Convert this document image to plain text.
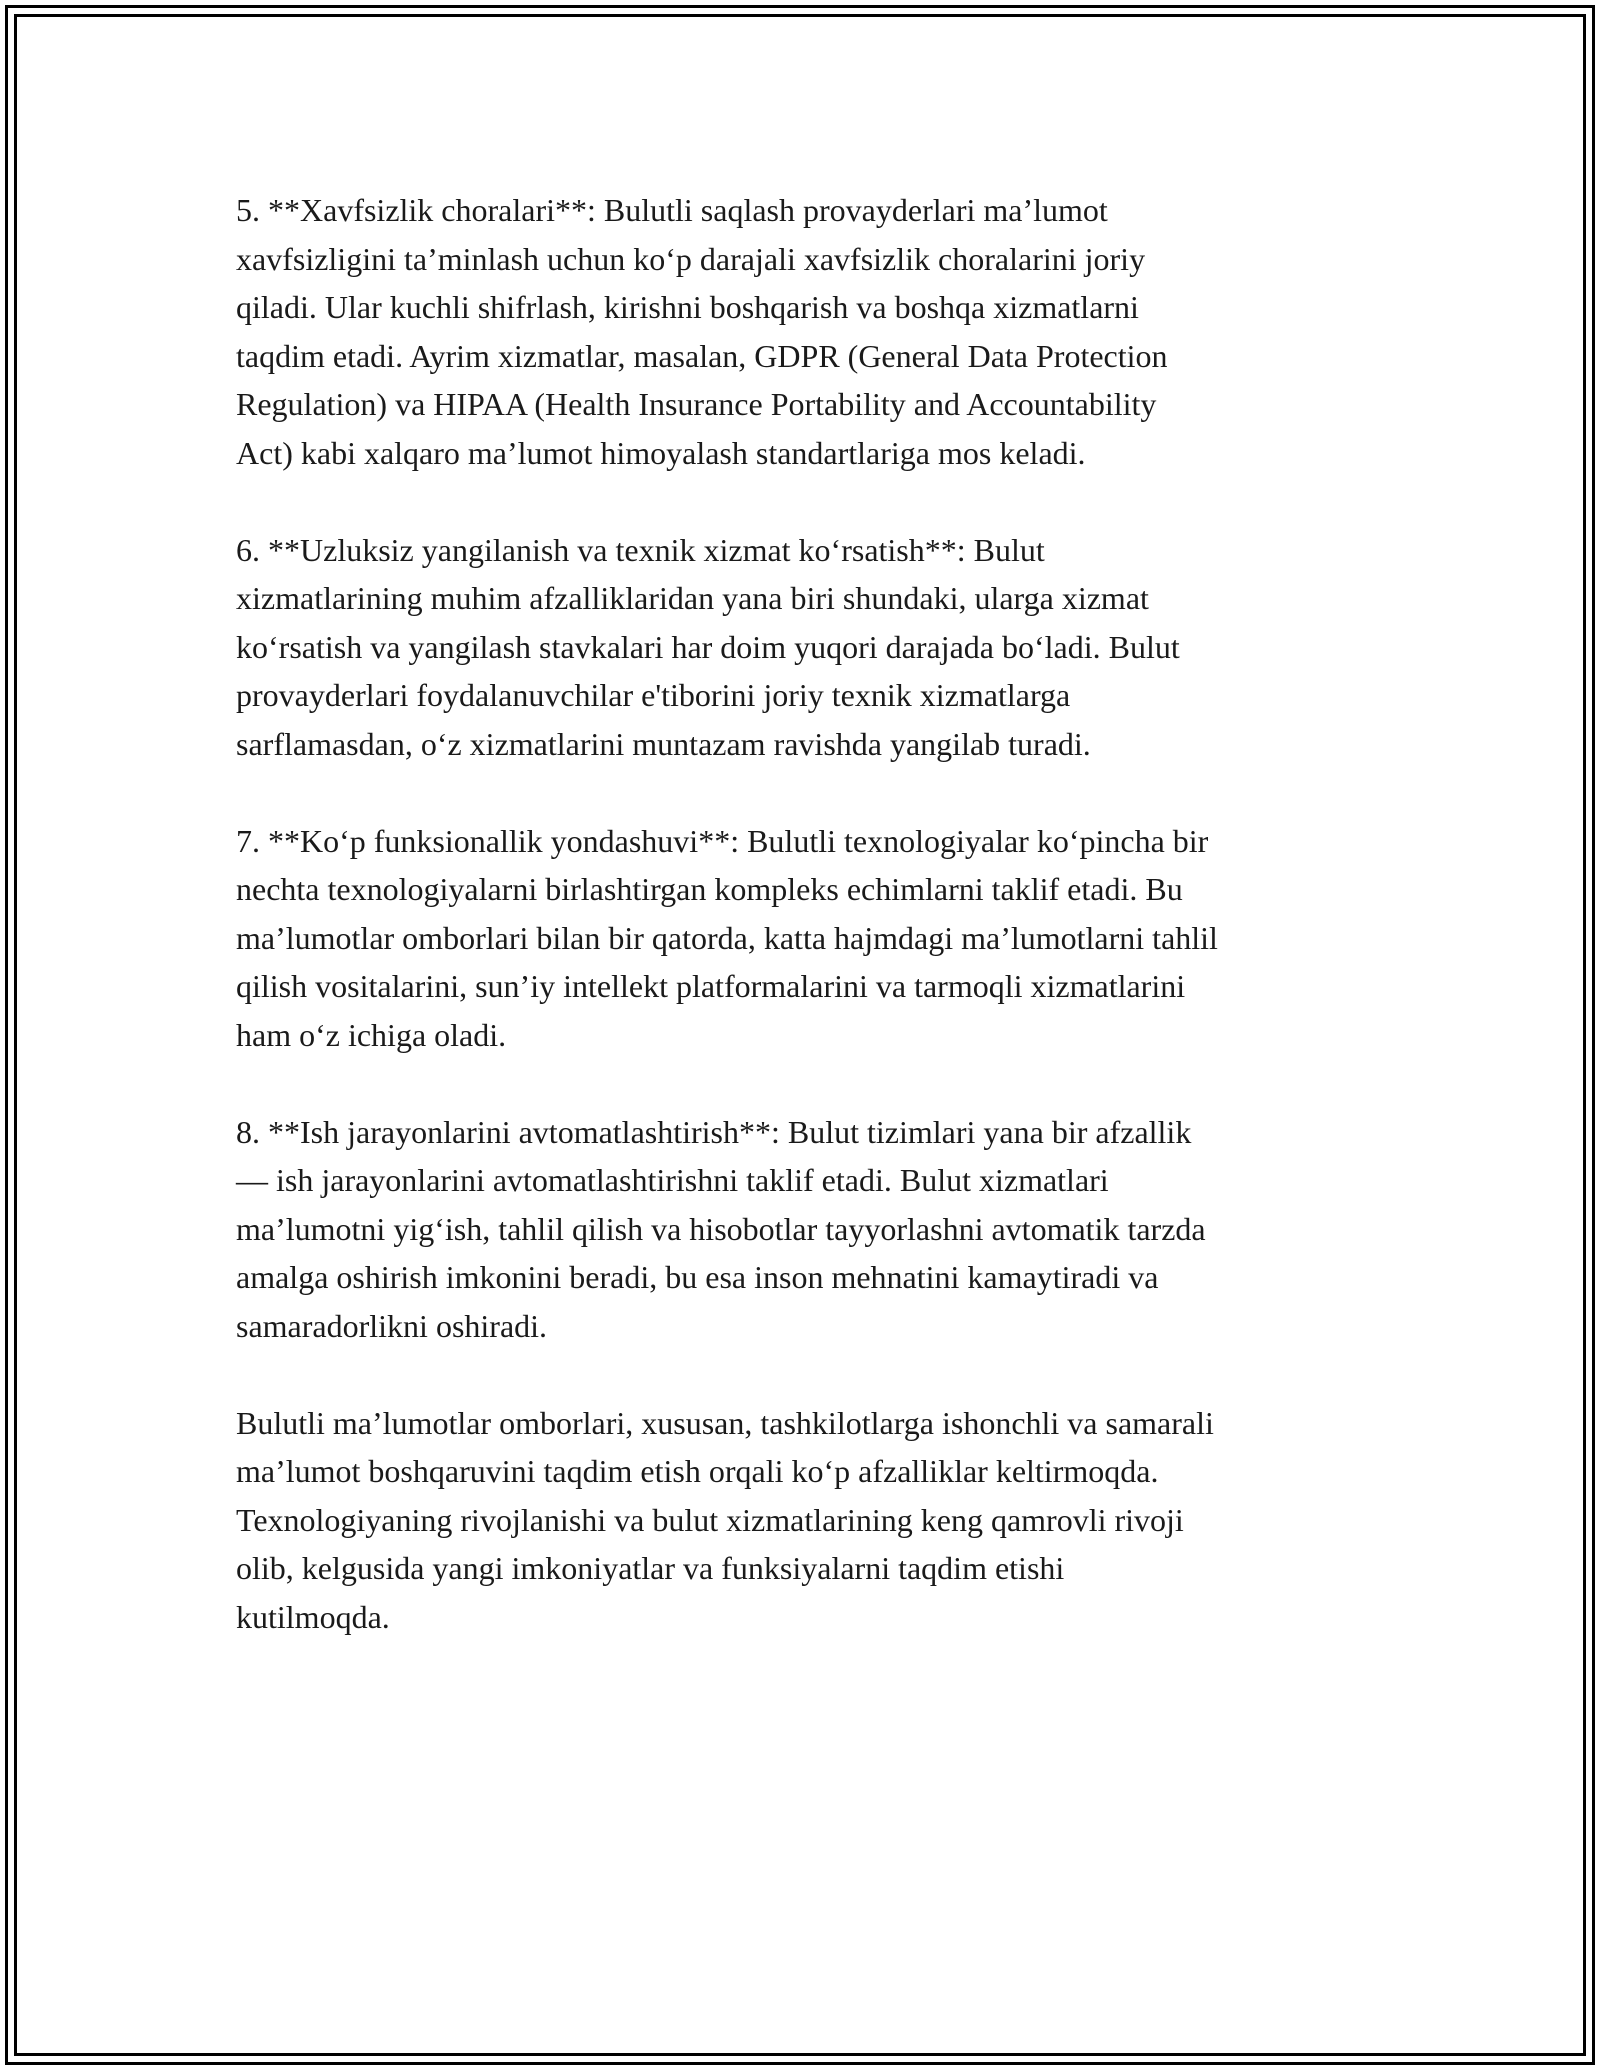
5. **Xavfsizlik choralari**: Bulutli saqlash provayderlari ma’lumot
xavfsizligini ta’minlash uchun ko‘p darajali xavfsizlik choralarini joriy
qiladi. Ular kuchli shifrlash, kirishni boshqarish va boshqa xizmatlarni
taqdim etadi. Ayrim xizmatlar, masalan, GDPR (General Data Protection
Regulation) va HIPAA (Health Insurance Portability and Accountability
Act) kabi xalqaro ma’lumot himoyalash standartlariga mos keladi.

6. **Uzluksiz yangilanish va texnik xizmat ko‘rsatish**: Bulut
xizmatlarining muhim afzalliklaridan yana biri shundaki, ularga xizmat
ko‘rsatish va yangilash stavkalari har doim yuqori darajada bo‘ladi. Bulut
provayderlari foydalanuvchilar e'tiborini joriy texnik xizmatlarga
sarflamasdan, o‘z xizmatlarini muntazam ravishda yangilab turadi.

7. **Ko‘p funksionallik yondashuvi**: Bulutli texnologiyalar ko‘pincha bir
nechta texnologiyalarni birlashtirgan kompleks echimlarni taklif etadi. Bu
ma’lumotlar omborlari bilan bir qatorda, katta hajmdagi ma’lumotlarni tahlil
qilish vositalarini, sun’iy intellekt platformalarini va tarmoqli xizmatlarini
ham o‘z ichiga oladi.

8. **Ish jarayonlarini avtomatlashtirish**: Bulut tizimlari yana bir afzallik
— ish jarayonlarini avtomatlashtirishni taklif etadi. Bulut xizmatlari
ma’lumotni yig‘ish, tahlil qilish va hisobotlar tayyorlashni avtomatik tarzda
amalga oshirish imkonini beradi, bu esa inson mehnatini kamaytiradi va
samaradorlikni oshiradi.

Bulutli ma’lumotlar omborlari, xususan, tashkilotlarga ishonchli va samarali
ma’lumot boshqaruvini taqdim etish orqali ko‘p afzalliklar keltirmoqda.
Texnologiyaning rivojlanishi va bulut xizmatlarining keng qamrovli rivoji
olib, kelgusida yangi imkoniyatlar va funksiyalarni taqdim etishi
kutilmoqda.
